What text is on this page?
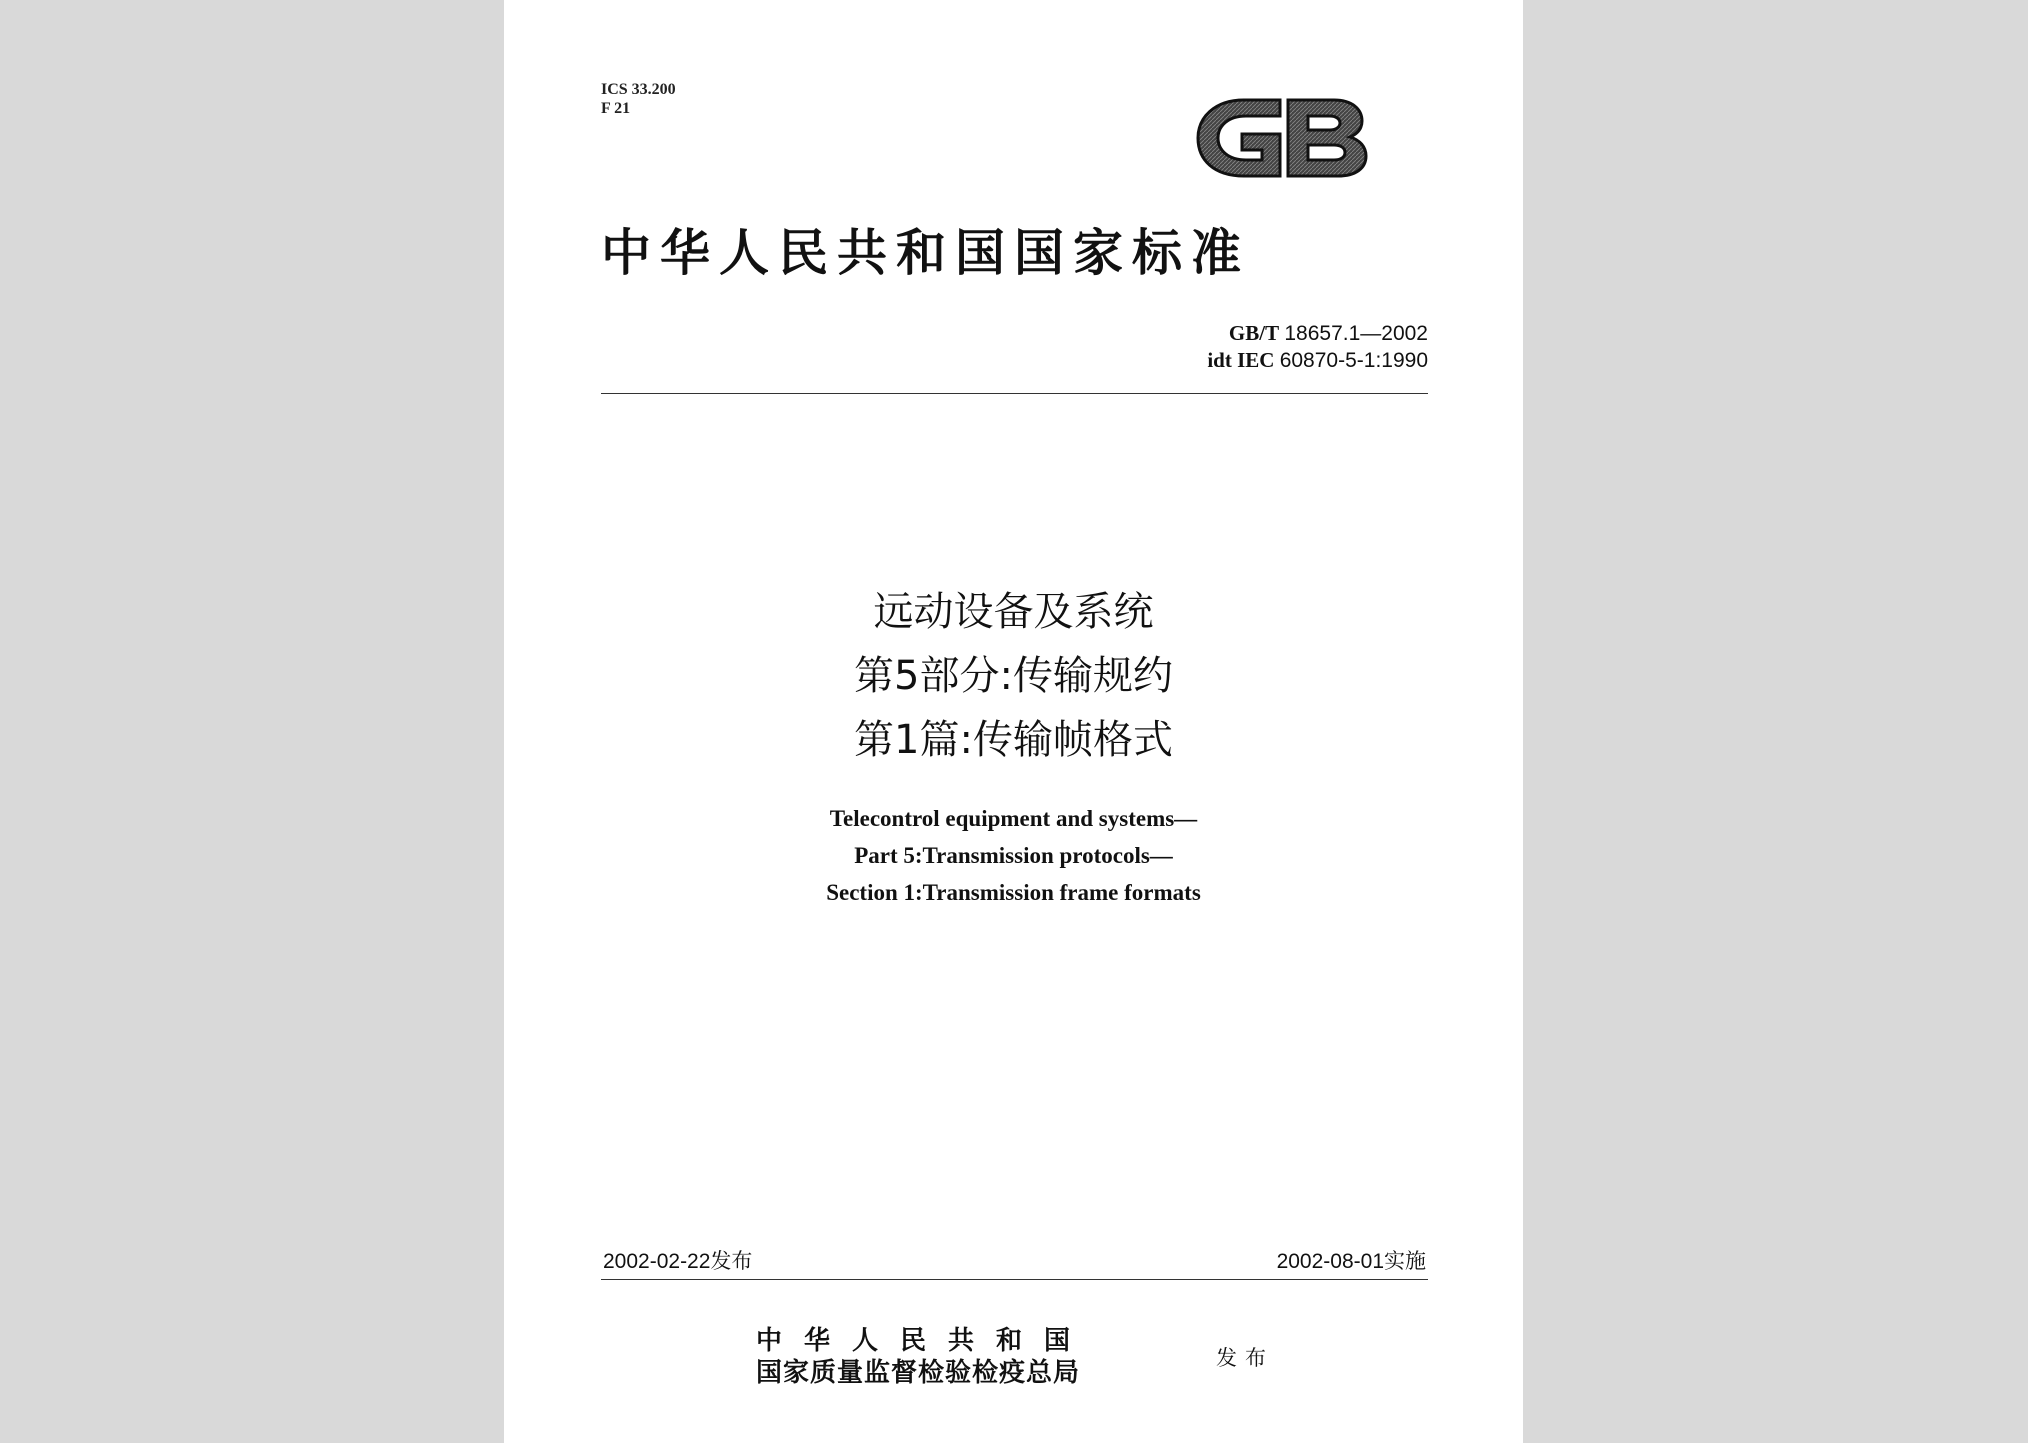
ICS 33.200
F 21
中华人民共和国国家标准
GB/T 18657.1—2002
idt IEC 60870-5-1:1990
远动设备及系统
第5部分:传输规约
第1篇:传输帧格式
Telecontrol equipment and systems—
Part 5:Transmission protocols—
Section 1:Transmission frame formats
2002-02-22发布	2002-08-01实施
中华人民共和国
国家质量监督检验检疫总局	发布
